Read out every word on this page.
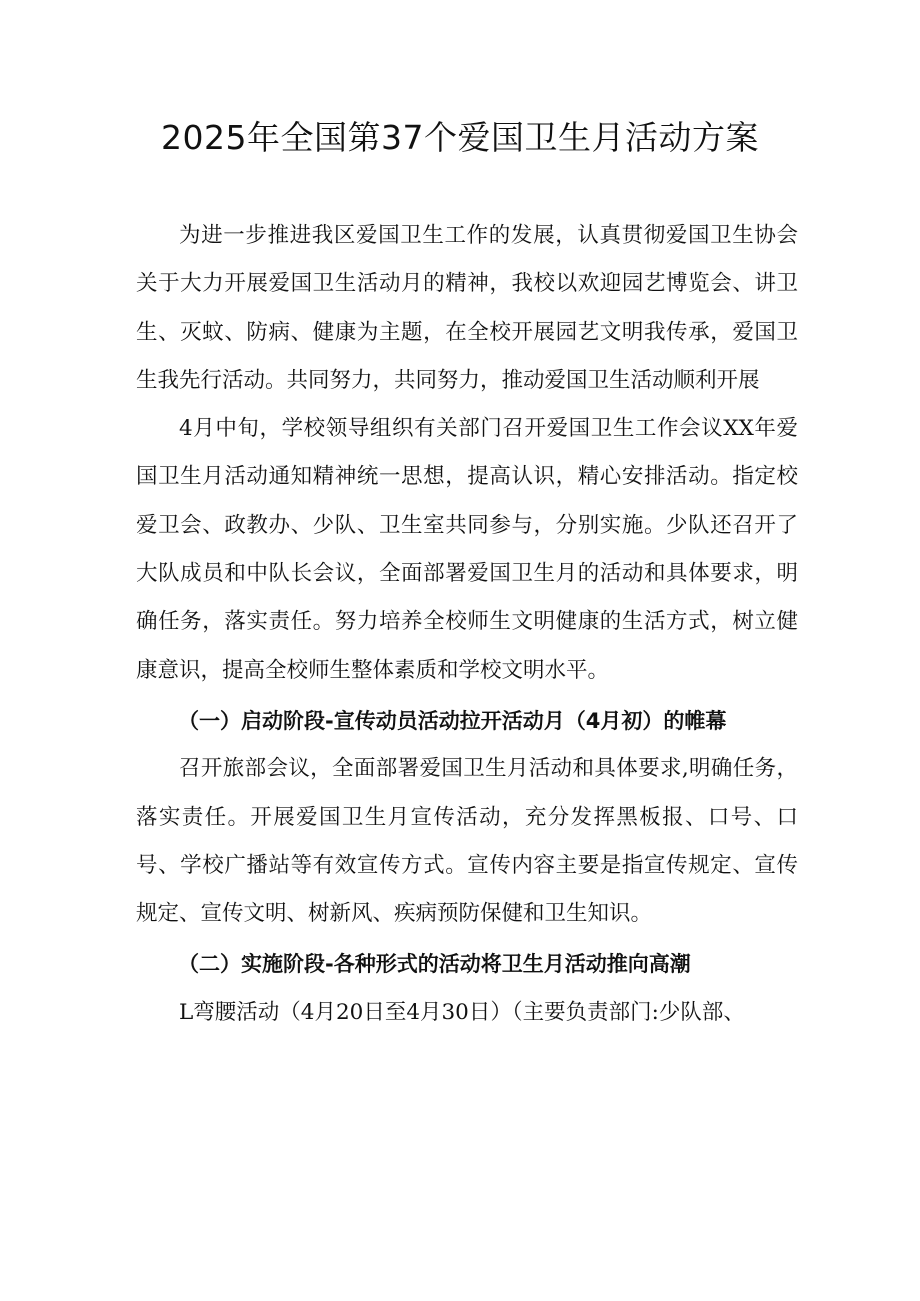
2025年全国第37个爱国卫生月活动方案

为进一步推进我区爱国卫生工作的发展，认真贯彻爱国卫生协会关于大力开展爱国卫生活动月的精神，我校以欢迎园艺博览会、讲卫生、灭蚊、防病、健康为主题，在全校开展园艺文明我传承，爱国卫生我先行活动。共同努力，共同努力，推动爱国卫生活动顺利开展

4月中旬，学校领导组织有关部门召开爱国卫生工作会议XX年爱国卫生月活动通知精神统一思想，提高认识，精心安排活动。指定校爱卫会、政教办、少队、卫生室共同参与，分别实施。少队还召开了大队成员和中队长会议，全面部署爱国卫生月的活动和具体要求，明确任务，落实责任。努力培养全校师生文明健康的生活方式，树立健康意识，提高全校师生整体素质和学校文明水平。

（一）启动阶段-宣传动员活动拉开活动月（4月初）的帷幕

召开旅部会议，全面部署爱国卫生月活动和具体要求,明确任务，落实责任。开展爱国卫生月宣传活动，充分发挥黑板报、口号、口号、学校广播站等有效宣传方式。宣传内容主要是指宣传规定、宣传规定、宣传文明、树新风、疾病预防保健和卫生知识。

（二）实施阶段-各种形式的活动将卫生月活动推向高潮

L弯腰活动（4月20日至4月30日）（主要负责部门:少队部、
